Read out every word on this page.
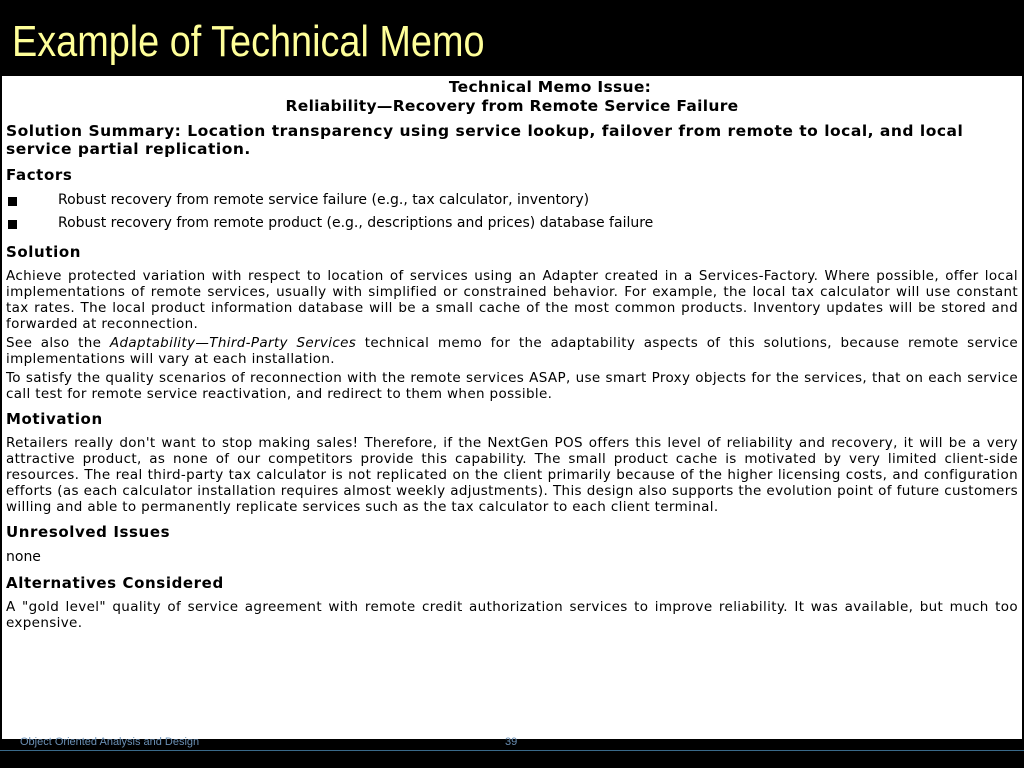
Example of Technical Memo
Technical Memo Issue:
Reliability—Recovery from Remote Service Failure
Solution Summary: Location transparency using service lookup, failover from remote to local, and local service partial replication.
Factors
Robust recovery from remote service failure (e.g., tax calculator, inventory)
Robust recovery from remote product (e.g., descriptions and prices) database failure
Solution
Achieve protected variation with respect to location of services using an Adapter created in a Services-Factory. Where possible, offer local implementations of remote services, usually with simplified or constrained behavior. For example, the local tax calculator will use constant tax rates. The local product information database will be a small cache of the most common products. Inventory updates will be stored and forwarded at reconnection.
See also the Adaptability—Third-Party Services technical memo for the adaptability aspects of this solutions, because remote service implementations will vary at each installation.
To satisfy the quality scenarios of reconnection with the remote services ASAP, use smart Proxy objects for the services, that on each service call test for remote service reactivation, and redirect to them when possible.
Motivation
Retailers really don't want to stop making sales! Therefore, if the NextGen POS offers this level of reliability and recovery, it will be a very attractive product, as none of our competitors provide this capability. The small product cache is motivated by very limited client-side resources. The real third-party tax calculator is not replicated on the client primarily because of the higher licensing costs, and configuration efforts (as each calculator installation requires almost weekly adjustments). This design also supports the evolution point of future customers willing and able to permanently replicate services such as the tax calculator to each client terminal.
Unresolved Issues
none
Alternatives Considered
A "gold level" quality of service agreement with remote credit authorization services to improve reliability. It was available, but much too expensive.
Object Oriented Analysis and Design	39
